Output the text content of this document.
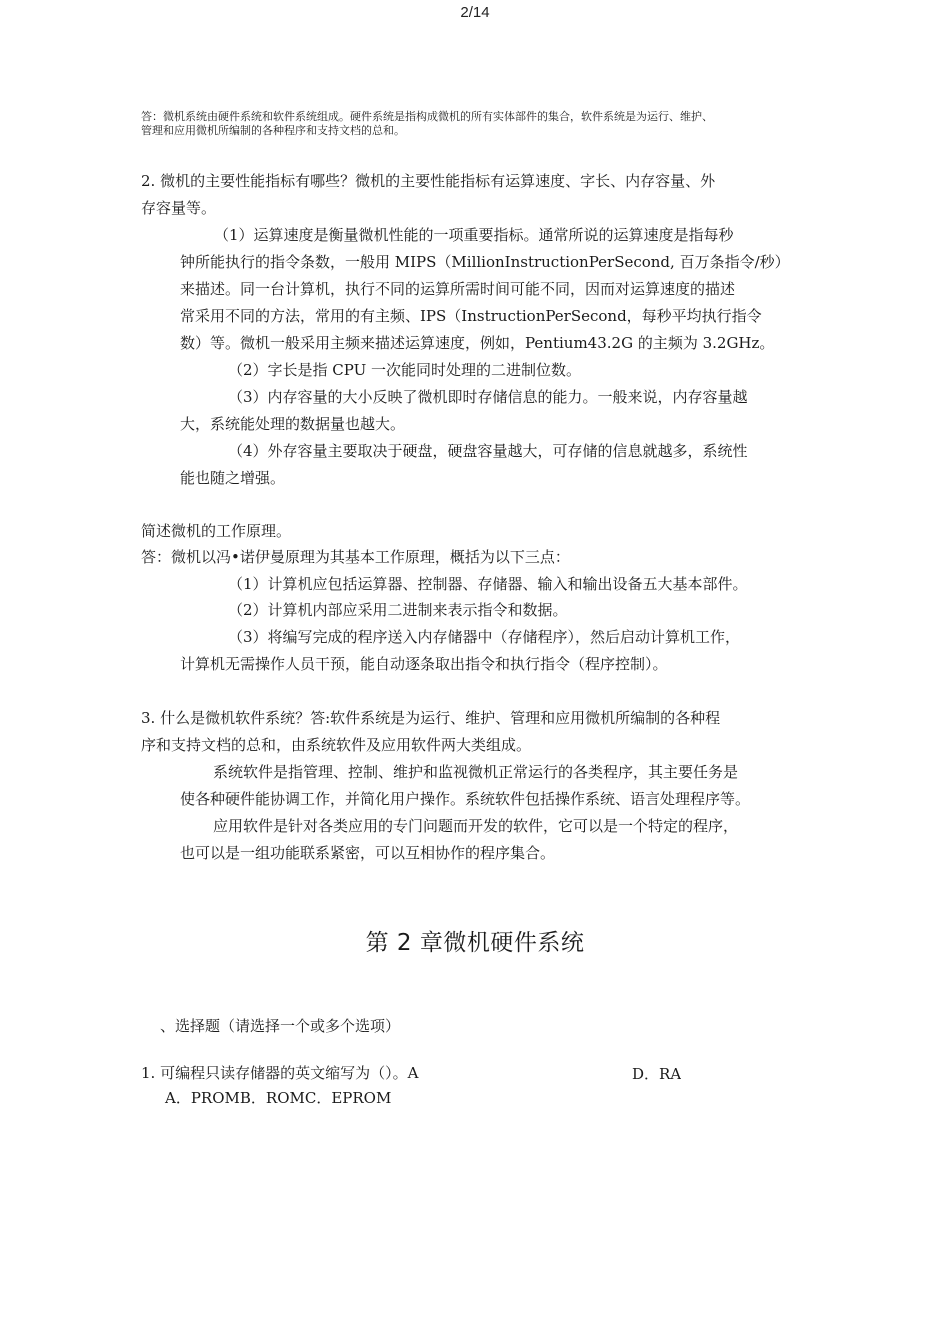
2/14
答：微机系统由硬件系统和软件系统组成。硬件系统是指构成微机的所有实体部件的集合，软件系统是为运行、维护、
管理和应用微机所编制的各种程序和支持文档的总和。
2. 微机的主要性能指标有哪些？微机的主要性能指标有运算速度、字长、内存容量、外
存容量等。
（1）运算速度是衡量微机性能的一项重要指标。通常所说的运算速度是指每秒
钟所能执行的指令条数，一般用 MIPS（MillionInstructionPerSecond, 百万条指令/秒）
来描述。同一台计算机，执行不同的运算所需时间可能不同，因而对运算速度的描述
常采用不同的方法，常用的有主频、IPS（InstructionPerSecond，每秒平均执行指令
数）等。微机一般采用主频来描述运算速度，例如，Pentium43.2G 的主频为 3.2GHz。
（2）字长是指 CPU 一次能同时处理的二进制位数。
（3）内存容量的大小反映了微机即时存储信息的能力。一般来说，内存容量越
大，系统能处理的数据量也越大。
（4）外存容量主要取决于硬盘，硬盘容量越大，可存储的信息就越多，系统性
能也随之增强。
简述微机的工作原理。
答：微机以冯•诺伊曼原理为其基本工作原理，概括为以下三点：
（1）计算机应包括运算器、控制器、存储器、输入和输出设备五大基本部件。
（2）计算机内部应采用二进制来表示指令和数据。
（3）将编写完成的程序送入内存储器中（存储程序），然后启动计算机工作，
计算机无需操作人员干预，能自动逐条取出指令和执行指令（程序控制）。
3. 什么是微机软件系统？答:软件系统是为运行、维护、管理和应用微机所编制的各种程
序和支持文档的总和，由系统软件及应用软件两大类组成。
系统软件是指管理、控制、维护和监视微机正常运行的各类程序，其主要任务是
使各种硬件能协调工作，并简化用户操作。系统软件包括操作系统、语言处理程序等。
应用软件是针对各类应用的专门问题而开发的软件，它可以是一个特定的程序，
也可以是一组功能联系紧密，可以互相协作的程序集合。
第 2 章微机硬件系统
、选择题（请选择一个或多个选项）
1. 可编程只读存储器的英文缩写为（）。A	D．RA
A．PROMB．ROMC．EPROM
